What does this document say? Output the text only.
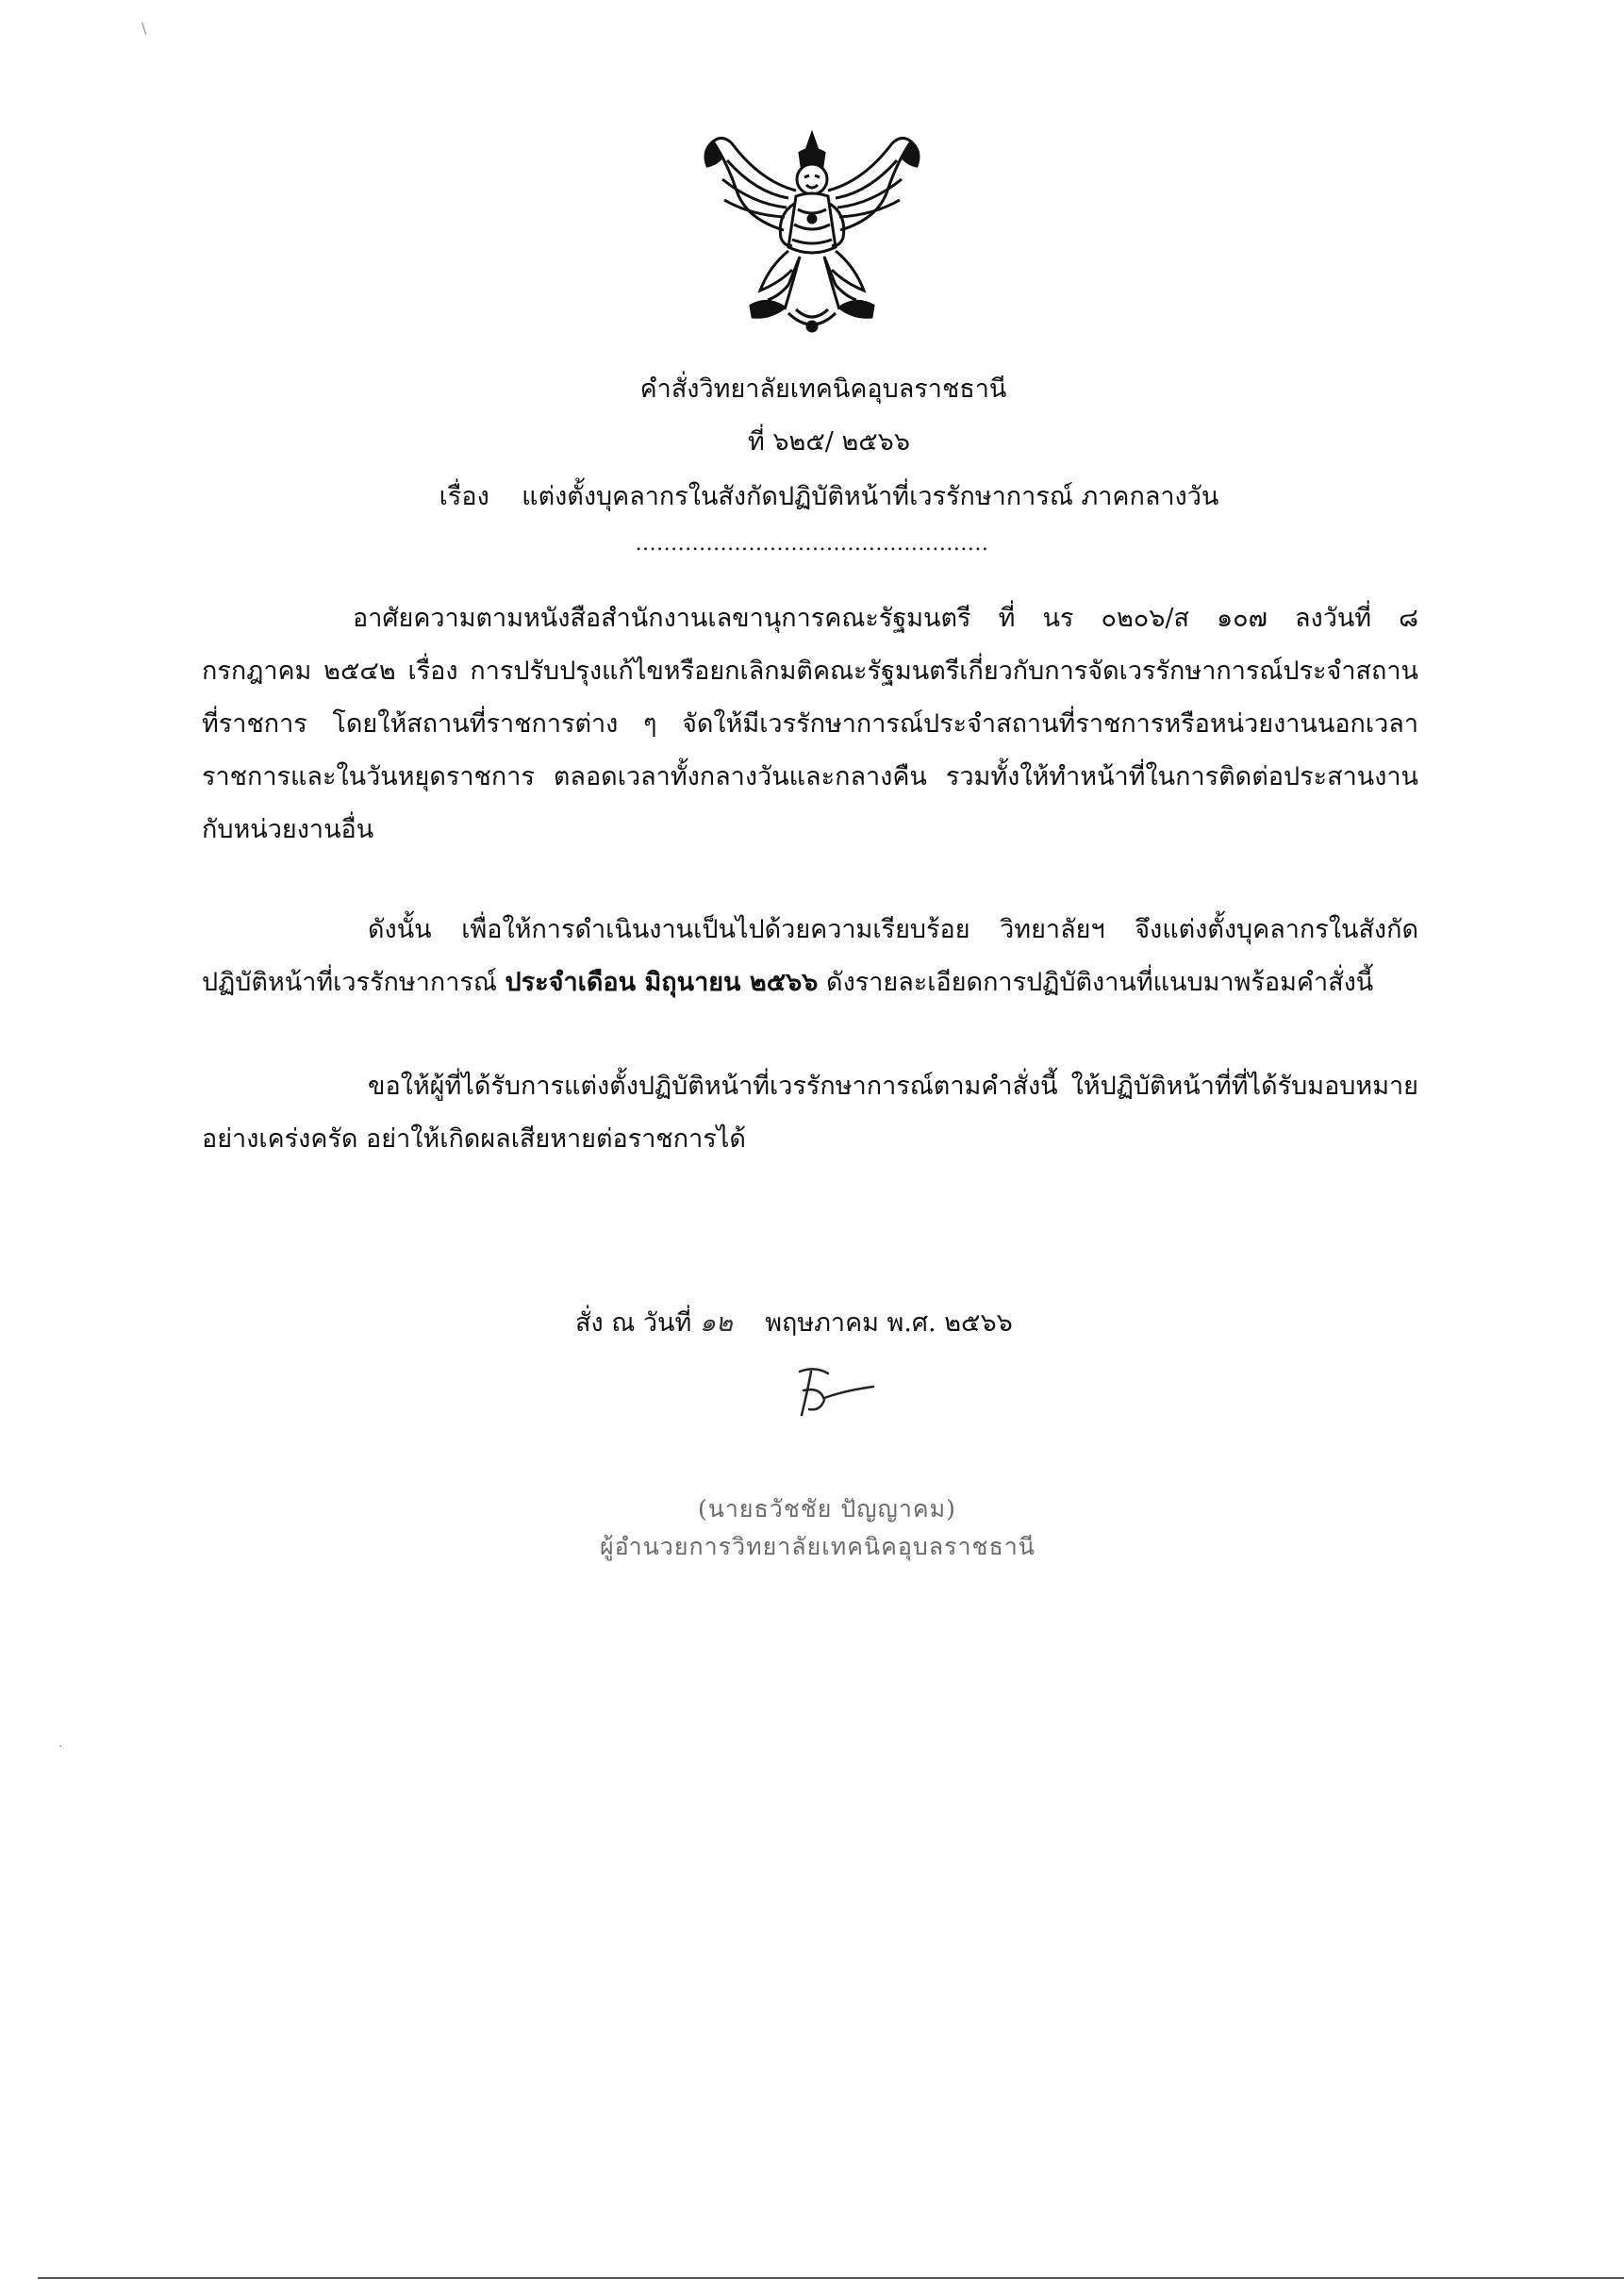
\
คำสั่งวิทยาลัยเทคนิคอุบลราชธานี
ที่ ๖๒๕/ ๒๕๖๖
เรื่อง แต่งตั้งบุคลากรในสังกัดปฏิบัติหน้าที่เวรรักษาการณ์ ภาคกลางวัน
..................................................
อาศัยความตามหนังสือสำนักงานเลขานุการคณะรัฐมนตรี ที่ นร ๐๒๐๖/ส ๑๐๗ ลงวันที่ ๘ กรกฎาคม ๒๕๔๒ เรื่อง การปรับปรุงแก้ไขหรือยกเลิกมติคณะรัฐมนตรีเกี่ยวกับการจัดเวรรักษาการณ์ประจำสถานที่ราชการ โดยให้สถานที่ราชการต่าง ๆ จัดให้มีเวรรักษาการณ์ประจำสถานที่ราชการหรือหน่วยงานนอกเวลาราชการและในวันหยุดราชการ ตลอดเวลาทั้งกลางวันและกลางคืน รวมทั้งให้ทำหน้าที่ในการติดต่อประสานงานกับหน่วยงานอื่น
ดังนั้น เพื่อให้การดำเนินงานเป็นไปด้วยความเรียบร้อย วิทยาลัยฯ จึงแต่งตั้งบุคลากรในสังกัดปฏิบัติหน้าที่เวรรักษาการณ์ ประจำเดือน มิถุนายน ๒๕๖๖ ดังรายละเอียดการปฏิบัติงานที่แนบมาพร้อมคำสั่งนี้
ขอให้ผู้ที่ได้รับการแต่งตั้งปฏิบัติหน้าที่เวรรักษาการณ์ตามคำสั่งนี้ ให้ปฏิบัติหน้าที่ที่ได้รับมอบหมายอย่างเคร่งครัด อย่าให้เกิดผลเสียหายต่อราชการได้
สั่ง ณ วันที่ ๑๒ พฤษภาคม พ.ศ. ๒๕๖๖
(นายธวัชชัย ปัญญาคม)
ผู้อำนวยการวิทยาลัยเทคนิคอุบลราชธานี
.
